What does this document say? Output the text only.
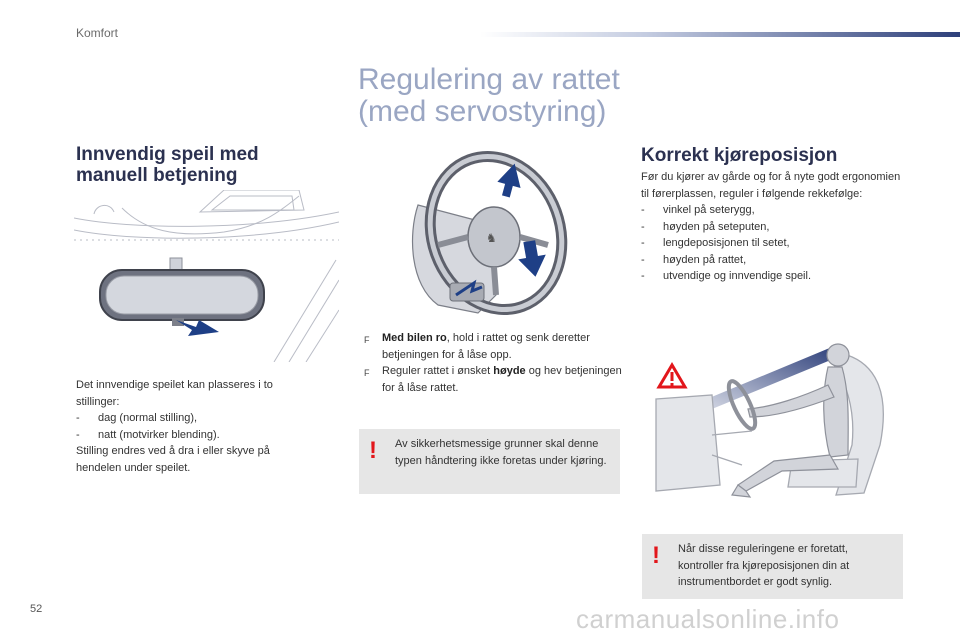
Komfort
Regulering av rattet
(med servostyring)
Innvendig speil med
manuell betjening
Det innvendige speilet kan plasseres i to stillinger:
-	dag (normal stilling),
-	natt (motvirker blending).
Stilling endres ved å dra i eller skyve på hendelen under speilet.
♞
F	Med bilen ro, hold i rattet og senk deretter betjeningen for å låse opp.
F	Reguler rattet i ønsket høyde og hev betjeningen for å låse rattet.
! Av sikkerhetsmessige grunner skal denne typen håndtering ikke foretas under kjøring.
Korrekt kjøreposisjon
Før du kjører av gårde og for å nyte godt ergonomien til førerplassen, reguler i følgende rekkefølge:
-	vinkel på seterygg,
-	høyden på seteputen,
-	lengdeposisjonen til setet,
-	høyden på rattet,
-	utvendige og innvendige speil.
! Når disse reguleringene er foretatt, kontroller fra kjøreposisjonen din at instrumentbordet er godt synlig.
52	carmanualsonline.info
